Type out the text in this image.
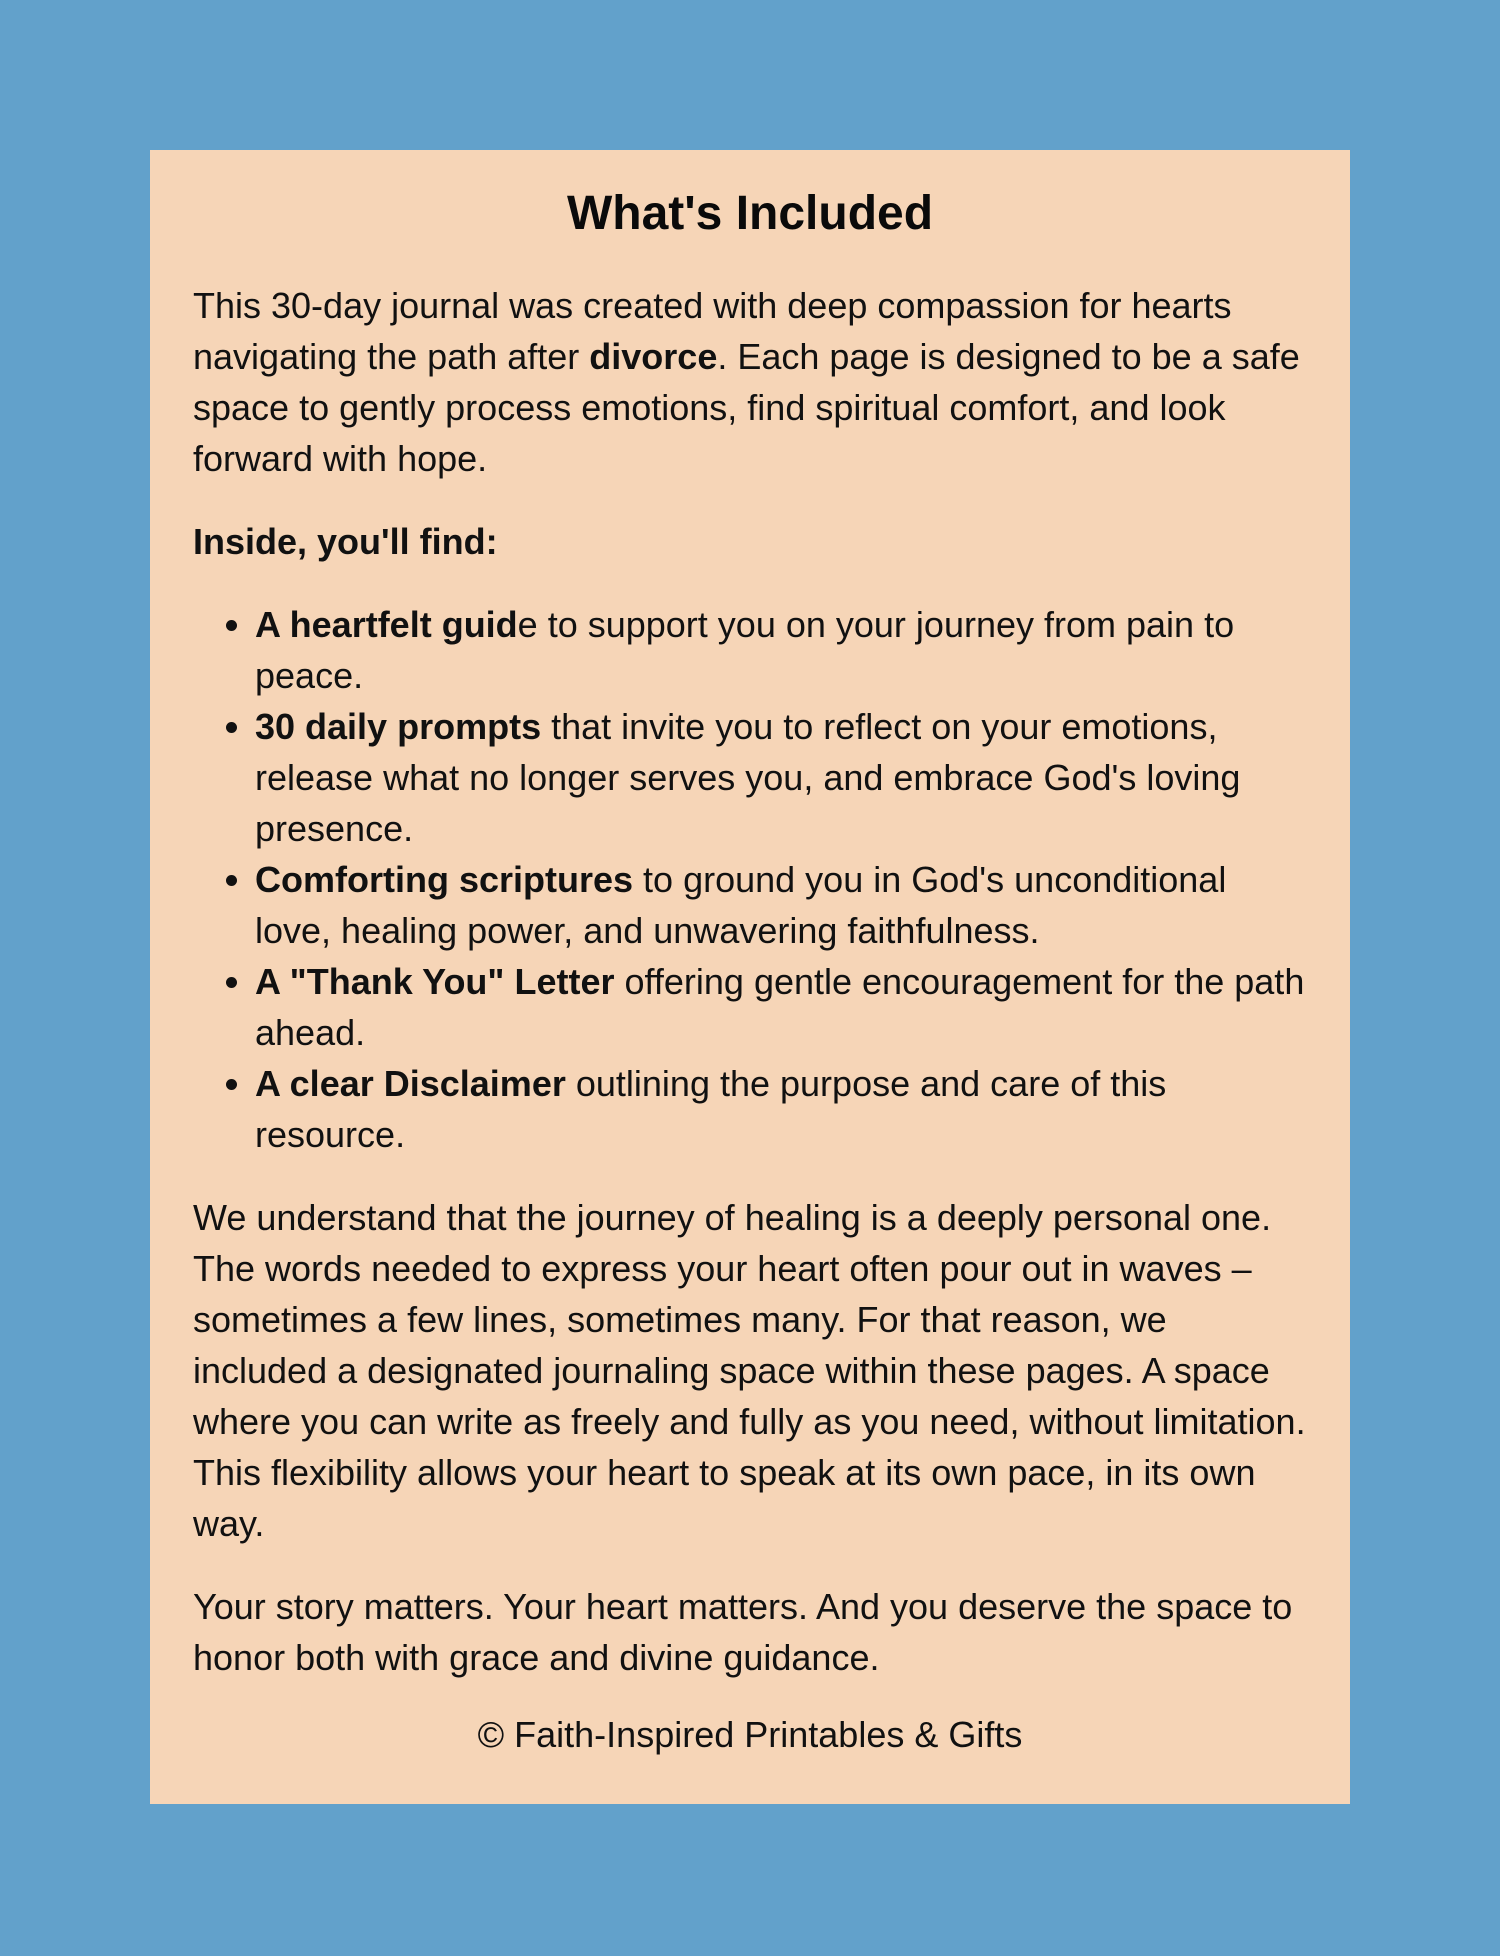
What's Included

This 30-day journal was created with deep compassion for hearts navigating the path after divorce. Each page is designed to be a safe space to gently process emotions, find spiritual comfort, and look forward with hope.

Inside, you'll find:

• A heartfelt guide to support you on your journey from pain to peace.
• 30 daily prompts that invite you to reflect on your emotions, release what no longer serves you, and embrace God's loving presence.
• Comforting scriptures to ground you in God's unconditional love, healing power, and unwavering faithfulness.
• A "Thank You" Letter offering gentle encouragement for the path ahead.
• A clear Disclaimer outlining the purpose and care of this resource.

We understand that the journey of healing is a deeply personal one. The words needed to express your heart often pour out in waves – sometimes a few lines, sometimes many. For that reason, we included a designated journaling space within these pages. A space where you can write as freely and fully as you need, without limitation. This flexibility allows your heart to speak at its own pace, in its own way.

Your story matters. Your heart matters. And you deserve the space to honor both with grace and divine guidance.

© Faith-Inspired Printables & Gifts
